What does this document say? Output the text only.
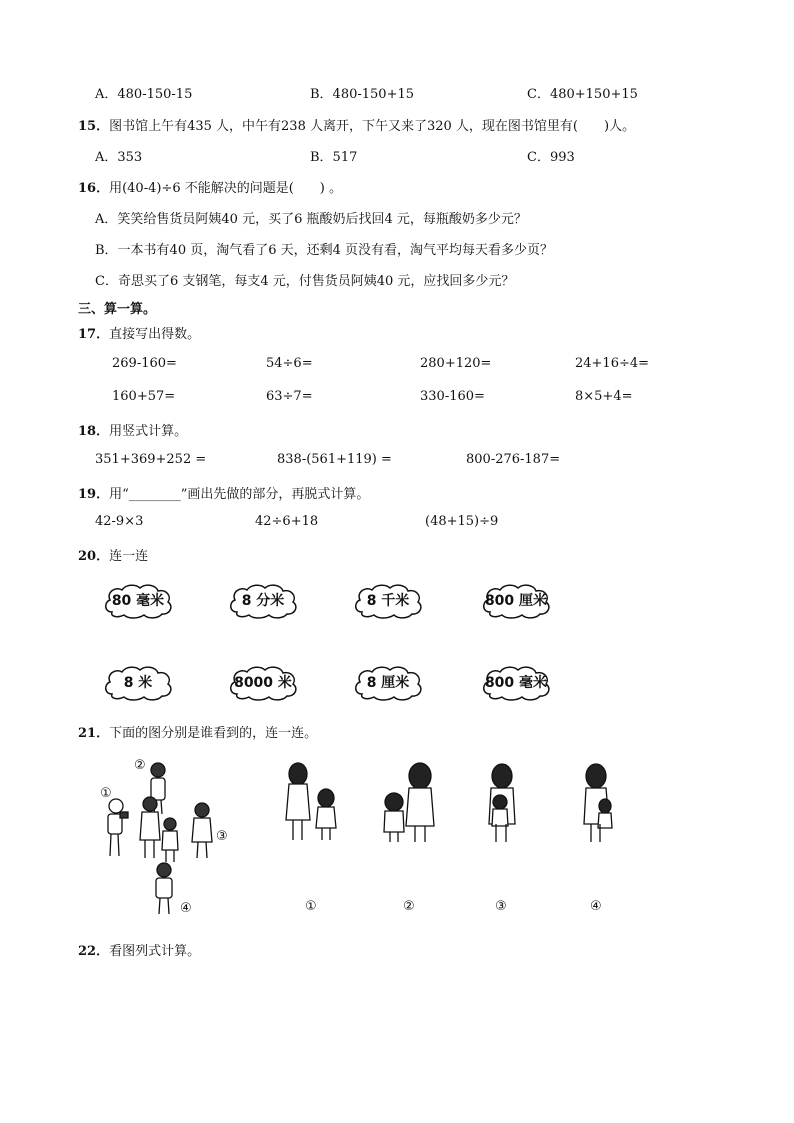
A．480-150-15	B．480-150+15	C．480+150+15
15．图书馆上午有435 人，中午有238 人离开，下午又来了320 人，现在图书馆里有(　　)人。
A．353	B．517	C．993
16．用(40-4)÷6 不能解决的问题是(　　) 。
A．笑笑给售货员阿姨40 元，买了6 瓶酸奶后找回4 元，每瓶酸奶多少元？
B．一本书有40 页，淘气看了6 天，还剩4 页没有看，淘气平均每天看多少页？
C．奇思买了6 支钢笔，每支4 元，付售货员阿姨40 元，应找回多少元？
三、算一算。
17．直接写出得数。
269-160=	54÷6=	280+120=	24+16÷4=
160+57=	63÷7=	330-160=	8×5+4=
18．用竖式计算。
351+369+252 =	838-(561+119) =	800-276-187=
19．用“________”画出先做的部分，再脱式计算。
42-9×3	42÷6+18	(48+15)÷9
20．连一连
80 毫米	8 分米	8 千米	800 厘米
8 米	8000 米	8 厘米	800 毫米
21．下面的图分别是谁看到的，连一连。
①
②
③
④	①	②	③	④
22．看图列式计算。
